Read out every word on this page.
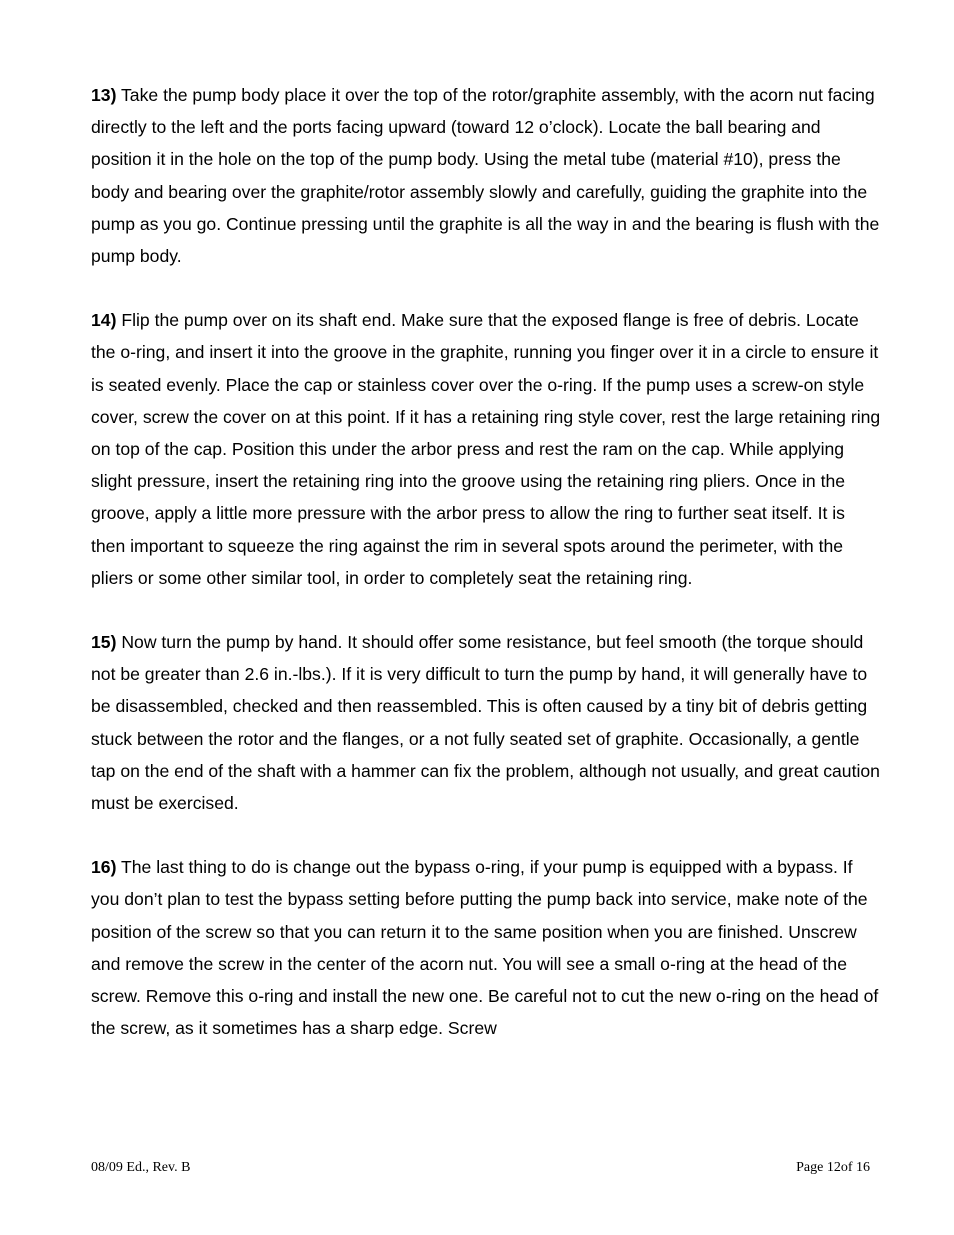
13) Take the pump body place it over the top of the rotor/graphite assembly, with the acorn nut facing directly to the left and the ports facing upward (toward 12 o’clock). Locate the ball bearing and position it in the hole on the top of the pump body. Using the metal tube (material #10), press the body and bearing over the graphite/rotor assembly slowly and carefully, guiding the graphite into the pump as you go. Continue pressing until the graphite is all the way in and the bearing is flush with the pump body.

14) Flip the pump over on its shaft end. Make sure that the exposed flange is free of debris. Locate the o-ring, and insert it into the groove in the graphite, running you finger over it in a circle to ensure it is seated evenly. Place the cap or stainless cover over the o-ring. If the pump uses a screw-on style cover, screw the cover on at this point. If it has a retaining ring style cover, rest the large retaining ring on top of the cap. Position this under the arbor press and rest the ram on the cap. While applying slight pressure, insert the retaining ring into the groove using the retaining ring pliers. Once in the groove, apply a little more pressure with the arbor press to allow the ring to further seat itself. It is then important to squeeze the ring against the rim in several spots around the perimeter, with the pliers or some other similar tool, in order to completely seat the retaining ring.

15) Now turn the pump by hand. It should offer some resistance, but feel smooth (the torque should not be greater than 2.6 in.-lbs.). If it is very difficult to turn the pump by hand, it will generally have to be disassembled, checked and then reassembled. This is often caused by a tiny bit of debris getting stuck between the rotor and the flanges, or a not fully seated set of graphite. Occasionally, a gentle tap on the end of the shaft with a hammer can fix the problem, although not usually, and great caution must be exercised.

16) The last thing to do is change out the bypass o-ring, if your pump is equipped with a bypass. If you don’t plan to test the bypass setting before putting the pump back into service, make note of the position of the screw so that you can return it to the same position when you are finished. Unscrew and remove the screw in the center of the acorn nut. You will see a small o-ring at the head of the screw. Remove this o-ring and install the new one. Be careful not to cut the new o-ring on the head of the screw, as it sometimes has a sharp edge. Screw

08/09 Ed., Rev. B	Page 12of 16
